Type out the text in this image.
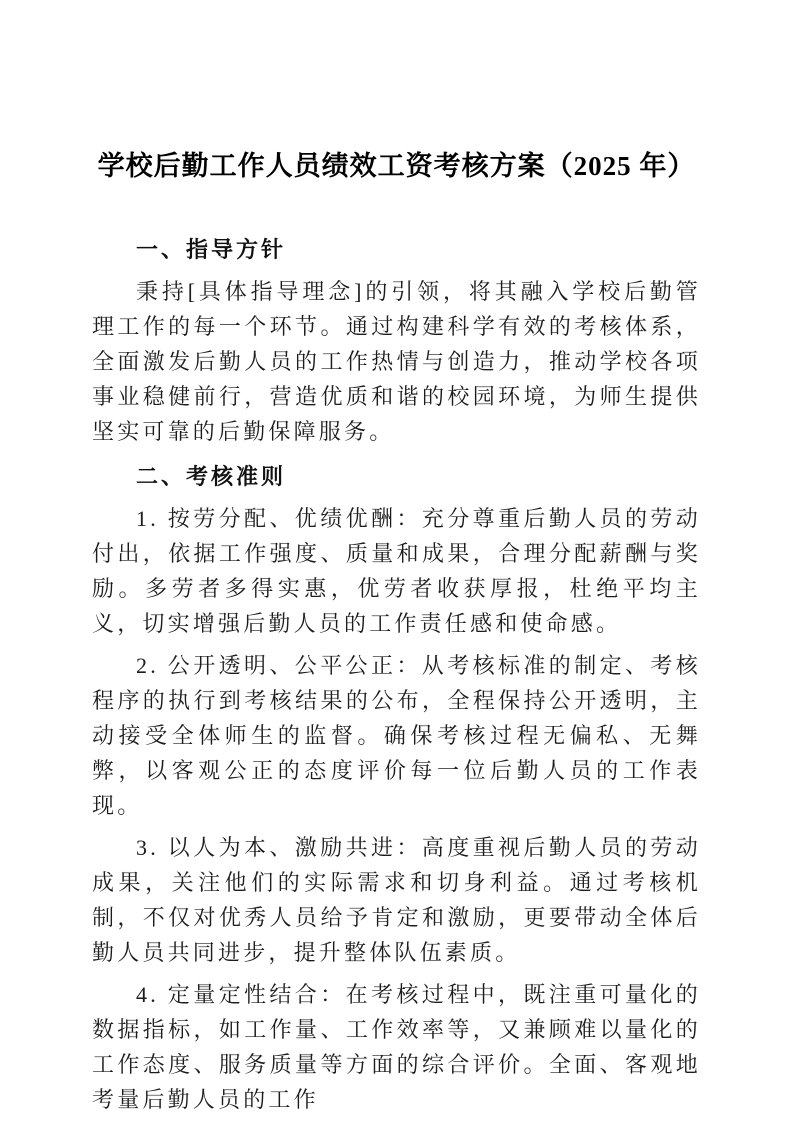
学校后勤工作人员绩效工资考核方案（2025 年）
一、指导方针

秉持[具体指导理念]的引领，将其融入学校后勤管理工作的每一个环节。通过构建科学有效的考核体系，全面激发后勤人员的工作热情与创造力，推动学校各项事业稳健前行，营造优质和谐的校园环境，为师生提供坚实可靠的后勤保障服务。

二、考核准则

1. 按劳分配、优绩优酬：充分尊重后勤人员的劳动付出，依据工作强度、质量和成果，合理分配薪酬与奖励。多劳者多得实惠，优劳者收获厚报，杜绝平均主义，切实增强后勤人员的工作责任感和使命感。

2. 公开透明、公平公正：从考核标准的制定、考核程序的执行到考核结果的公布，全程保持公开透明，主动接受全体师生的监督。确保考核过程无偏私、无舞弊，以客观公正的态度评价每一位后勤人员的工作表现。

3. 以人为本、激励共进：高度重视后勤人员的劳动成果，关注他们的实际需求和切身利益。通过考核机制，不仅对优秀人员给予肯定和激励，更要带动全体后勤人员共同进步，提升整体队伍素质。

4. 定量定性结合：在考核过程中，既注重可量化的数据指标，如工作量、工作效率等，又兼顾难以量化的工作态度、服务质量等方面的综合评价。全面、客观地考量后勤人员的工作
